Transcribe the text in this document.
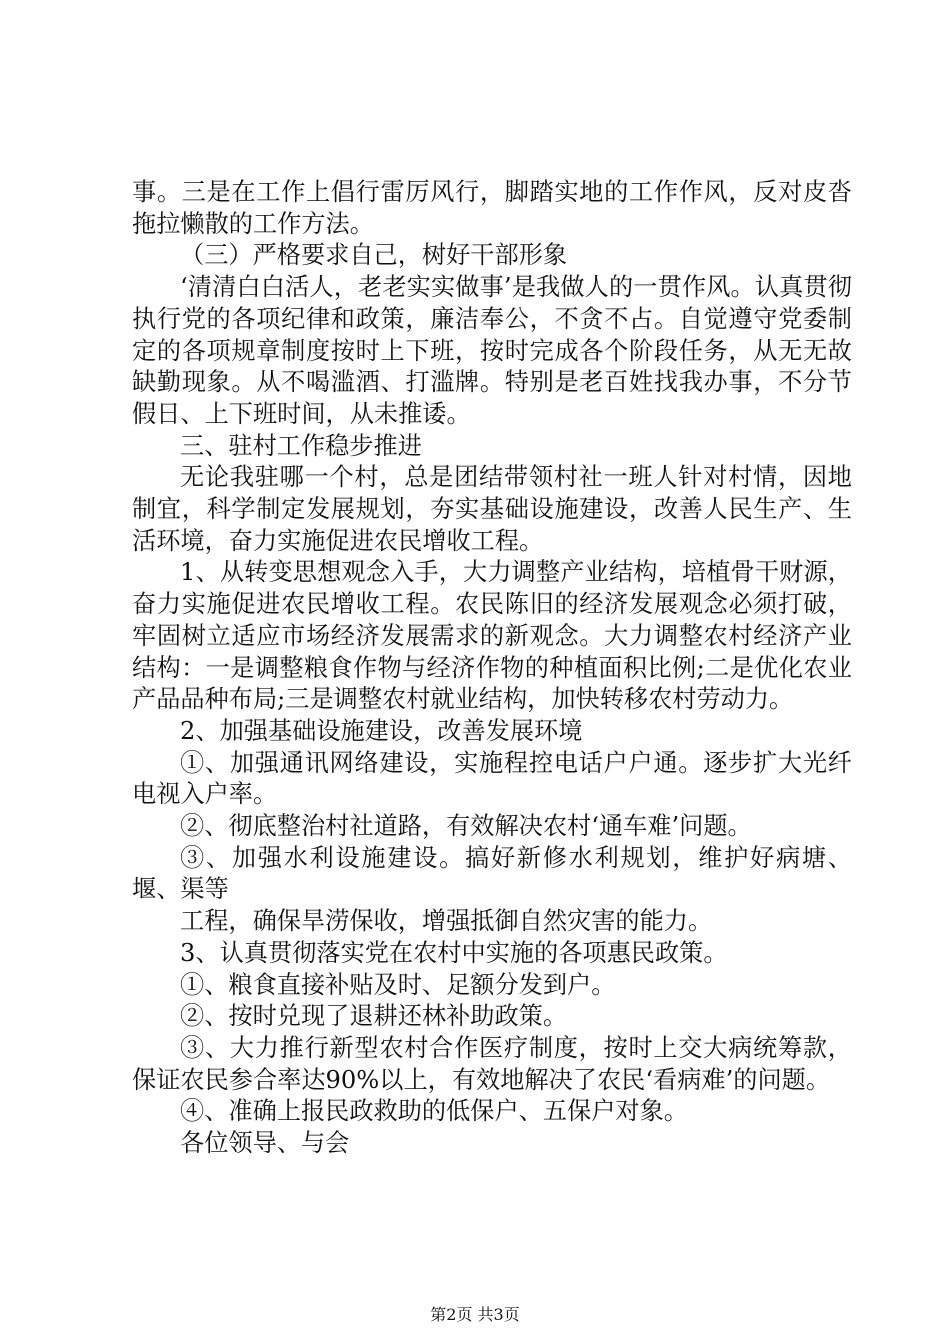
事。三是在工作上倡行雷厉风行，脚踏实地的工作作风，反对皮沓拖拉懒散的工作方法。

（三）严格要求自己，树好干部形象

‘清清白白活人，老老实实做事’是我做人的一贯作风。认真贯彻执行党的各项纪律和政策，廉洁奉公，不贪不占。自觉遵守党委制定的各项规章制度按时上下班，按时完成各个阶段任务，从无无故缺勤现象。从不喝滥酒、打滥牌。特别是老百姓找我办事，不分节假日、上下班时间，从未推诿。

三、驻村工作稳步推进

无论我驻哪一个村，总是团结带领村社一班人针对村情，因地制宜，科学制定发展规划，夯实基础设施建设，改善人民生产、生活环境，奋力实施促进农民增收工程。

1、从转变思想观念入手，大力调整产业结构，培植骨干财源，奋力实施促进农民增收工程。农民陈旧的经济发展观念必须打破，牢固树立适应市场经济发展需求的新观念。大力调整农村经济产业结构：一是调整粮食作物与经济作物的种植面积比例;二是优化农业产品品种布局;三是调整农村就业结构，加快转移农村劳动力。

2、加强基础设施建设，改善发展环境

①、加强通讯网络建设，实施程控电话户户通。逐步扩大光纤电视入户率。

②、彻底整治村社道路，有效解决农村‘通车难’问题。

③、加强水利设施建设。搞好新修水利规划，维护好病塘、堰、渠等

工程，确保旱涝保收，增强抵御自然灾害的能力。

3、认真贯彻落实党在农村中实施的各项惠民政策。

①、粮食直接补贴及时、足额分发到户。

②、按时兑现了退耕还林补助政策。

③、大力推行新型农村合作医疗制度，按时上交大病统筹款，保证农民参合率达90%以上，有效地解决了农民‘看病难’的问题。

④、准确上报民政救助的低保户、五保户对象。

各位领导、与会

第2页 共3页
